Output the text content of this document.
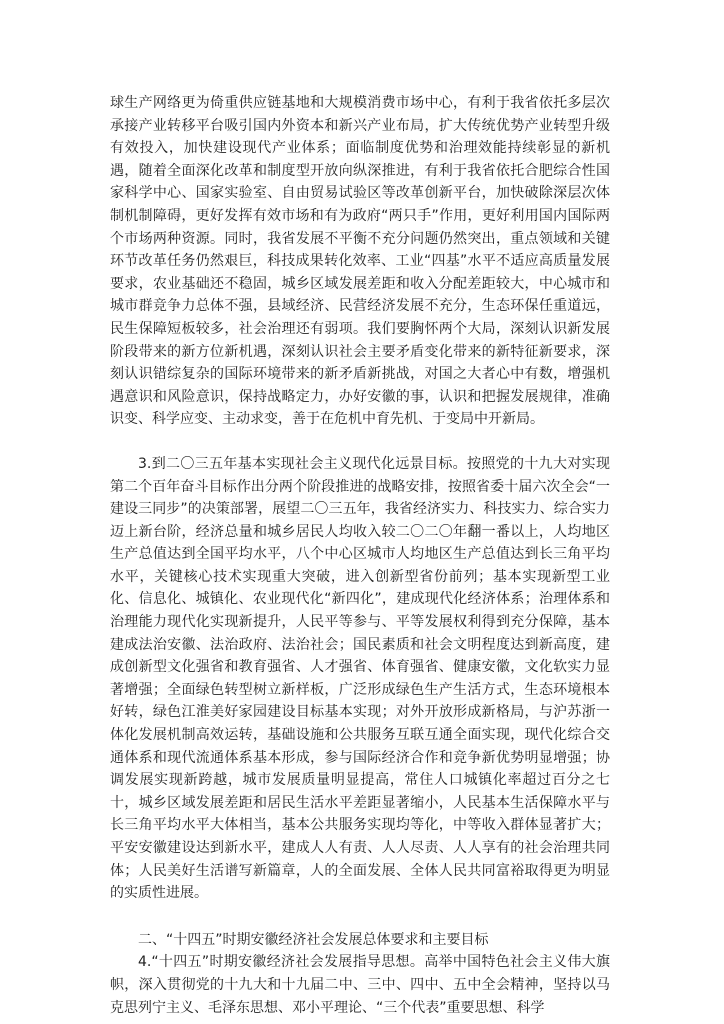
球生产网络更为倚重供应链基地和大规模消费市场中心，有利于我省依托多层次承接产业转移平台吸引国内外资本和新兴产业布局，扩大传统优势产业转型升级有效投入，加快建设现代产业体系；面临制度优势和治理效能持续彰显的新机遇，随着全面深化改革和制度型开放向纵深推进，有利于我省依托合肥综合性国家科学中心、国家实验室、自由贸易试验区等改革创新平台，加快破除深层次体制机制障碍，更好发挥有效市场和有为政府“两只手”作用，更好利用国内国际两个市场两种资源。同时，我省发展不平衡不充分问题仍然突出，重点领域和关键环节改革任务仍然艰巨，科技成果转化效率、工业“四基”水平不适应高质量发展要求，农业基础还不稳固，城乡区域发展差距和收入分配差距较大，中心城市和城市群竞争力总体不强，县域经济、民营经济发展不充分，生态环保任重道远，民生保障短板较多，社会治理还有弱项。我们要胸怀两个大局，深刻认识新发展阶段带来的新方位新机遇，深刻认识社会主要矛盾变化带来的新特征新要求，深刻认识错综复杂的国际环境带来的新矛盾新挑战，对国之大者心中有数，增强机遇意识和风险意识，保持战略定力，办好安徽的事，认识和把握发展规律，准确识变、科学应变、主动求变，善于在危机中育先机、于变局中开新局。

3.到二〇三五年基本实现社会主义现代化远景目标。按照党的十九大对实现第二个百年奋斗目标作出分两个阶段推进的战略安排，按照省委十届六次全会“一建设三同步”的决策部署，展望二〇三五年，我省经济实力、科技实力、综合实力迈上新台阶，经济总量和城乡居民人均收入较二〇二〇年翻一番以上，人均地区生产总值达到全国平均水平，八个中心区城市人均地区生产总值达到长三角平均水平，关键核心技术实现重大突破，进入创新型省份前列；基本实现新型工业化、信息化、城镇化、农业现代化“新四化”，建成现代化经济体系；治理体系和治理能力现代化实现新提升，人民平等参与、平等发展权利得到充分保障，基本建成法治安徽、法治政府、法治社会；国民素质和社会文明程度达到新高度，建成创新型文化强省和教育强省、人才强省、体育强省、健康安徽，文化软实力显著增强；全面绿色转型树立新样板，广泛形成绿色生产生活方式，生态环境根本好转，绿色江淮美好家园建设目标基本实现；对外开放形成新格局，与沪苏浙一体化发展机制高效运转，基础设施和公共服务互联互通全面实现，现代化综合交通体系和现代流通体系基本形成，参与国际经济合作和竞争新优势明显增强；协调发展实现新跨越，城市发展质量明显提高，常住人口城镇化率超过百分之七十，城乡区域发展差距和居民生活水平差距显著缩小，人民基本生活保障水平与长三角平均水平大体相当，基本公共服务实现均等化，中等收入群体显著扩大；平安安徽建设达到新水平，建成人人有责、人人尽责、人人享有的社会治理共同体；人民美好生活谱写新篇章，人的全面发展、全体人民共同富裕取得更为明显的实质性进展。

二、“十四五”时期安徽经济社会发展总体要求和主要目标

4.“十四五”时期安徽经济社会发展指导思想。高举中国特色社会主义伟大旗帜，深入贯彻党的十九大和十九届二中、三中、四中、五中全会精神，坚持以马克思列宁主义、毛泽东思想、邓小平理论、“三个代表”重要思想、科学
